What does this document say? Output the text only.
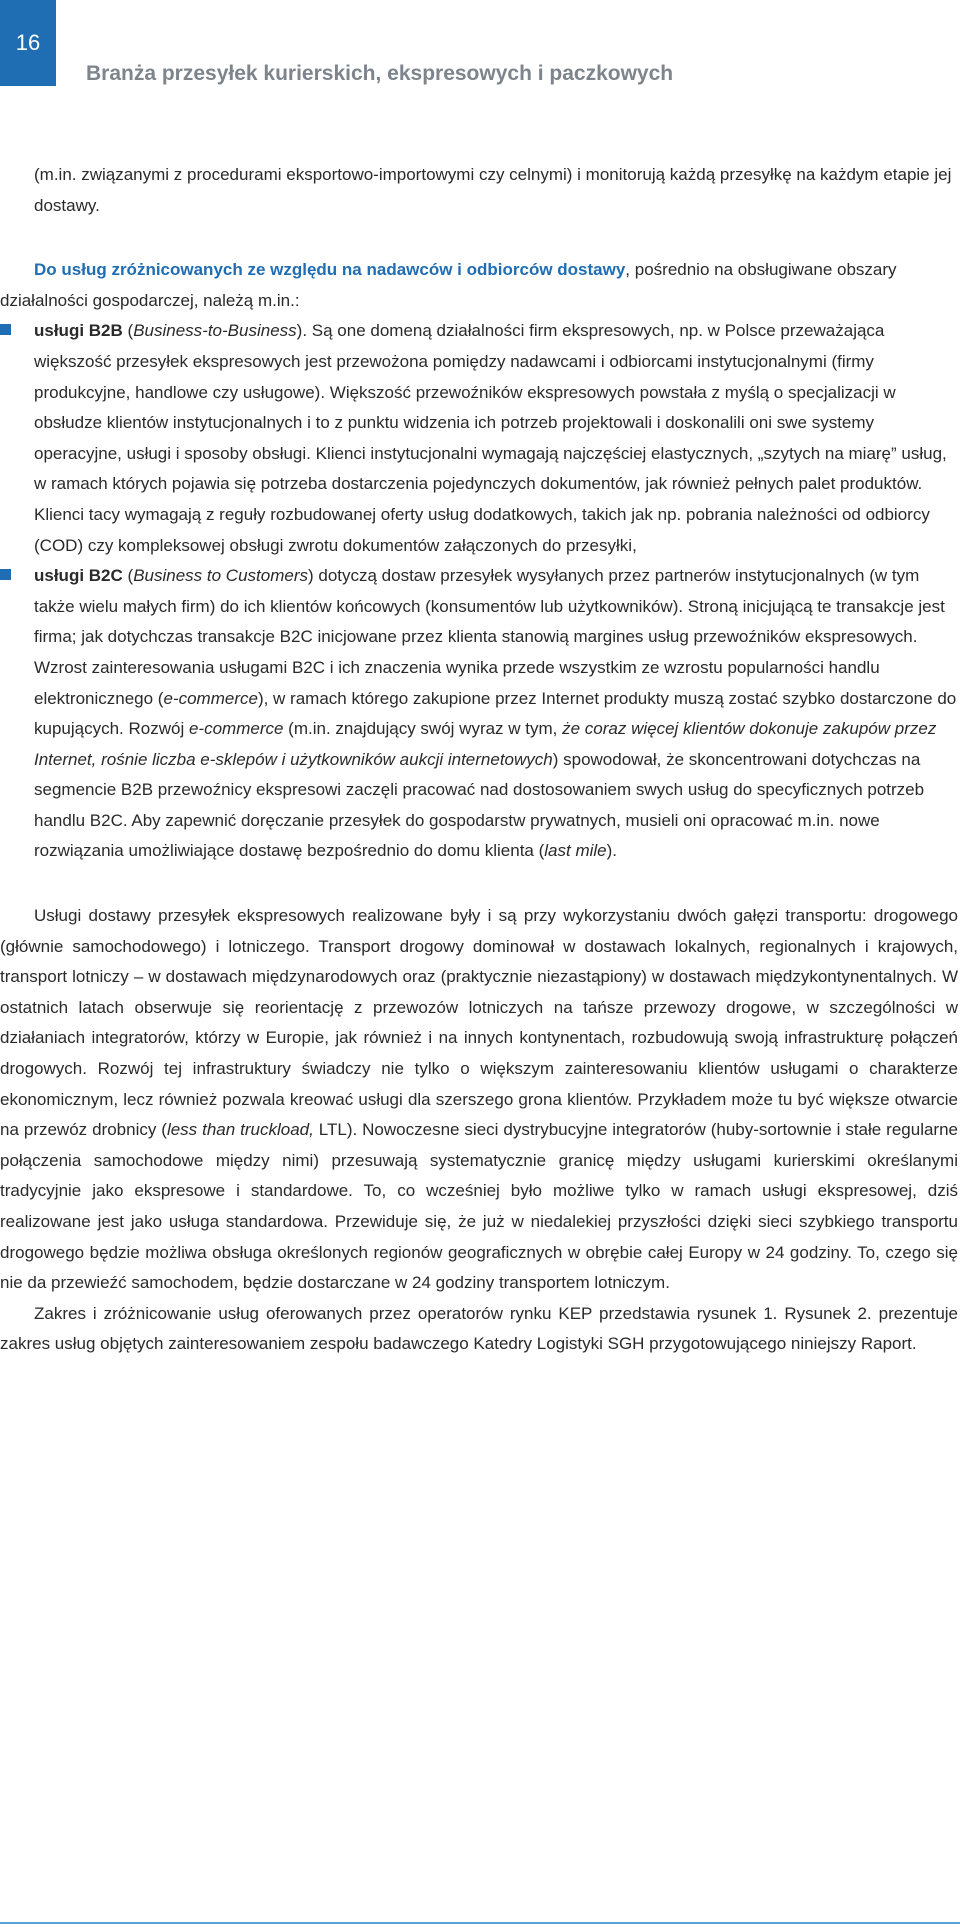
16
Branża przesyłek kurierskich, ekspresowych i paczkowych

(m.in. związanymi z procedurami eksportowo-importowymi czy celnymi) i monitorują każdą przesyłkę na każdym etapie jej dostawy.

Do usług zróżnicowanych ze względu na nadawców i odbiorców dostawy, pośrednio na obsługiwane obszary działalności gospodarczej, należą m.in.:

usługi B2B (Business-to-Business). Są one domeną działalności firm ekspresowych, np. w Polsce przeważająca większość przesyłek ekspresowych jest przewożona pomiędzy nadawcami i odbiorcami instytucjonalnymi (firmy produkcyjne, handlowe czy usługowe). Większość przewoźników ekspresowych powstała z myślą o specjalizacji w obsłudze klientów instytucjonalnych i to z punktu widzenia ich potrzeb projektowali i doskonalili oni swe systemy operacyjne, usługi i sposoby obsługi. Klienci instytucjonalni wymagają najczęściej elastycznych, „szytych na miarę” usług, w ramach których pojawia się potrzeba dostarczenia pojedynczych dokumentów, jak również pełnych palet produktów. Klienci tacy wymagają z reguły rozbudowanej oferty usług dodatkowych, takich jak np. pobrania należności od odbiorcy (COD) czy kompleksowej obsługi zwrotu dokumentów załączonych do przesyłki,
usługi B2C (Business to Customers) dotyczą dostaw przesyłek wysyłanych przez partnerów instytucjonalnych (w tym także wielu małych firm) do ich klientów końcowych (konsumentów lub użytkowników). Stroną inicjującą te transakcje jest firma; jak dotychczas transakcje B2C inicjowane przez klienta stanowią margines usług przewoźników ekspresowych. Wzrost zainteresowania usługami B2C i ich znaczenia wynika przede wszystkim ze wzrostu popularności handlu elektronicznego (e-commerce), w ramach którego zakupione przez Internet produkty muszą zostać szybko dostarczone do kupujących. Rozwój e-commerce (m.in. znajdujący swój wyraz w tym, że coraz więcej klientów dokonuje zakupów przez Internet, rośnie liczba e-sklepów i użytkowników aukcji internetowych) spowodował, że skoncentrowani dotychczas na segmencie B2B przewoźnicy ekspresowi zaczęli pracować nad dostosowaniem swych usług do specyficznych potrzeb handlu B2C. Aby zapewnić doręczanie przesyłek do gospodarstw prywatnych, musieli oni opracować m.in. nowe rozwiązania umożliwiające dostawę bezpośrednio do domu klienta (last mile).

Usługi dostawy przesyłek ekspresowych realizowane były i są przy wykorzystaniu dwóch gałęzi transportu: drogowego (głównie samochodowego) i lotniczego. Transport drogowy dominował w dostawach lokalnych, regionalnych i krajowych, transport lotniczy – w dostawach międzynarodowych oraz (praktycznie niezastąpiony) w dostawach międzykontynentalnych. W ostatnich latach obserwuje się reorientację z przewozów lotniczych na tańsze przewozy drogowe, w szczególności w działaniach integratorów, którzy w Europie, jak również i na innych kontynentach, rozbudowują swoją infrastrukturę połączeń drogowych. Rozwój tej infrastruktury świadczy nie tylko o większym zainteresowaniu klientów usługami o charakterze ekonomicznym, lecz również pozwala kreować usługi dla szerszego grona klientów. Przykładem może tu być większe otwarcie na przewóz drobnicy (less than truckload, LTL). Nowoczesne sieci dystrybucyjne integratorów (huby-sortownie i stałe regularne połączenia samochodowe między nimi) przesuwają systematycznie granicę między usługami kurierskimi określanymi tradycyjnie jako ekspresowe i standardowe. To, co wcześniej było możliwe tylko w ramach usługi ekspresowej, dziś realizowane jest jako usługa standardowa. Przewiduje się, że już w niedalekiej przyszłości dzięki sieci szybkiego transportu drogowego będzie możliwa obsługa określonych regionów geograficznych w obrębie całej Europy w 24 godziny. To, czego się nie da przewieźć samochodem, będzie dostarczane w 24 godziny transportem lotniczym.

Zakres i zróżnicowanie usług oferowanych przez operatorów rynku KEP przedstawia rysunek 1. Rysunek 2. prezentuje zakres usług objętych zainteresowaniem zespołu badawczego Katedry Logistyki SGH przygotowującego niniejszy Raport.
